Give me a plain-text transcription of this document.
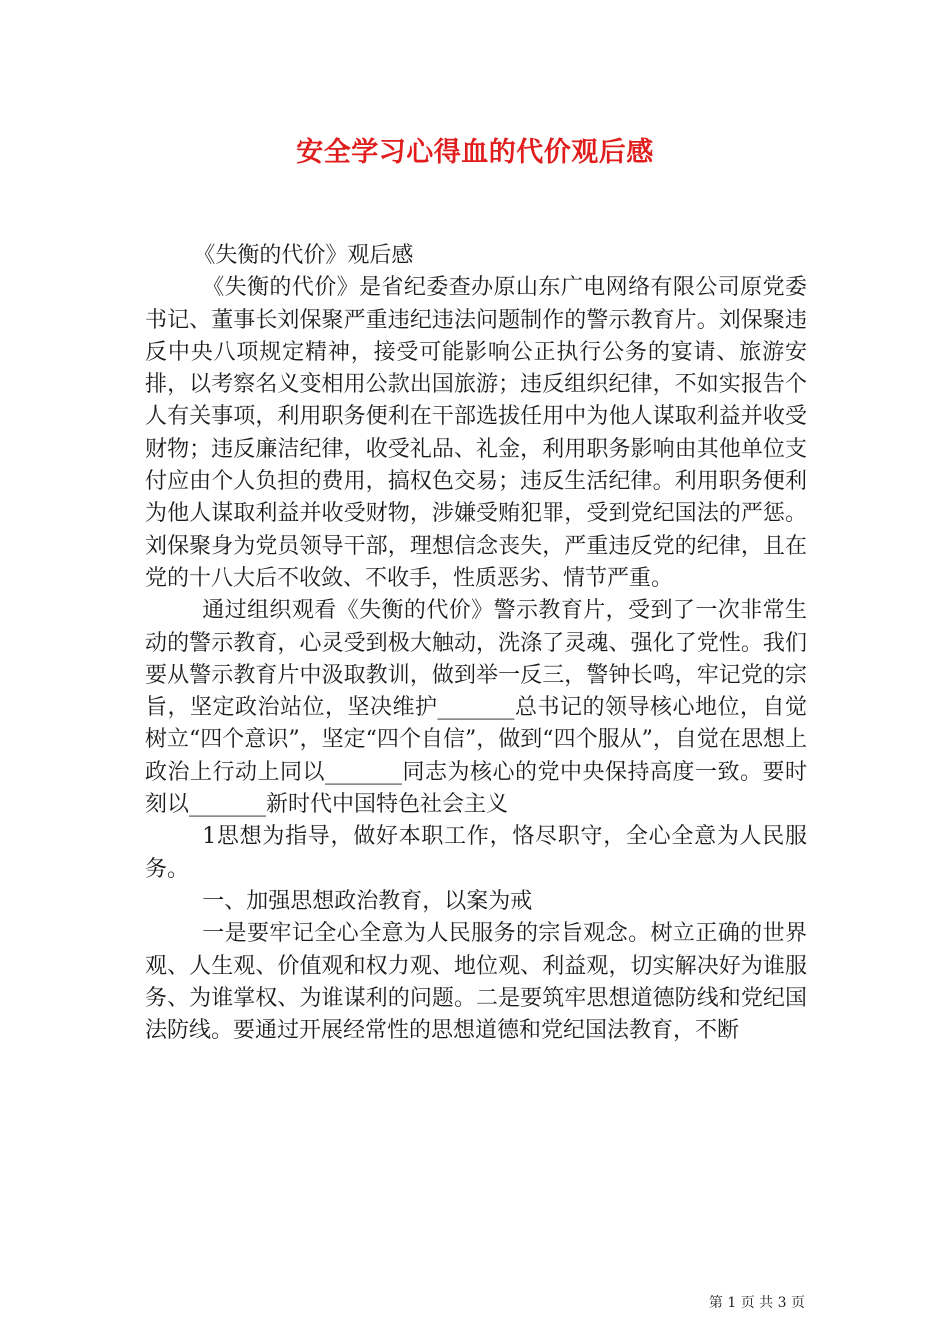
安全学习心得血的代价观后感

《失衡的代价》观后感

《失衡的代价》是省纪委查办原山东广电网络有限公司原党委书记、董事长刘保聚严重违纪违法问题制作的警示教育片。刘保聚违反中央八项规定精神，接受可能影响公正执行公务的宴请、旅游安排，以考察名义变相用公款出国旅游；违反组织纪律，不如实报告个人有关事项，利用职务便利在干部选拔任用中为他人谋取利益并收受财物；违反廉洁纪律，收受礼品、礼金，利用职务影响由其他单位支付应由个人负担的费用，搞权色交易；违反生活纪律。利用职务便利为他人谋取利益并收受财物，涉嫌受贿犯罪，受到党纪国法的严惩。刘保聚身为党员领导干部，理想信念丧失，严重违反党的纪律，且在党的十八大后不收敛、不收手，性质恶劣、情节严重。

通过组织观看《失衡的代价》警示教育片，受到了一次非常生动的警示教育，心灵受到极大触动，洗涤了灵魂、强化了党性。我们要从警示教育片中汲取教训，做到举一反三，警钟长鸣，牢记党的宗旨，坚定政治站位，坚决维护_______总书记的领导核心地位，自觉树立“四个意识”，坚定“四个自信”，做到“四个服从”，自觉在思想上政治上行动上同以_______同志为核心的党中央保持高度一致。要时刻以_______新时代中国特色社会主义

1思想为指导，做好本职工作，恪尽职守，全心全意为人民服务。

一、加强思想政治教育，以案为戒

一是要牢记全心全意为人民服务的宗旨观念。树立正确的世界观、人生观、价值观和权力观、地位观、利益观，切实解决好为谁服务、为谁掌权、为谁谋利的问题。二是要筑牢思想道德防线和党纪国法防线。要通过开展经常性的思想道德和党纪国法教育，不断

第 1 页 共 3 页
